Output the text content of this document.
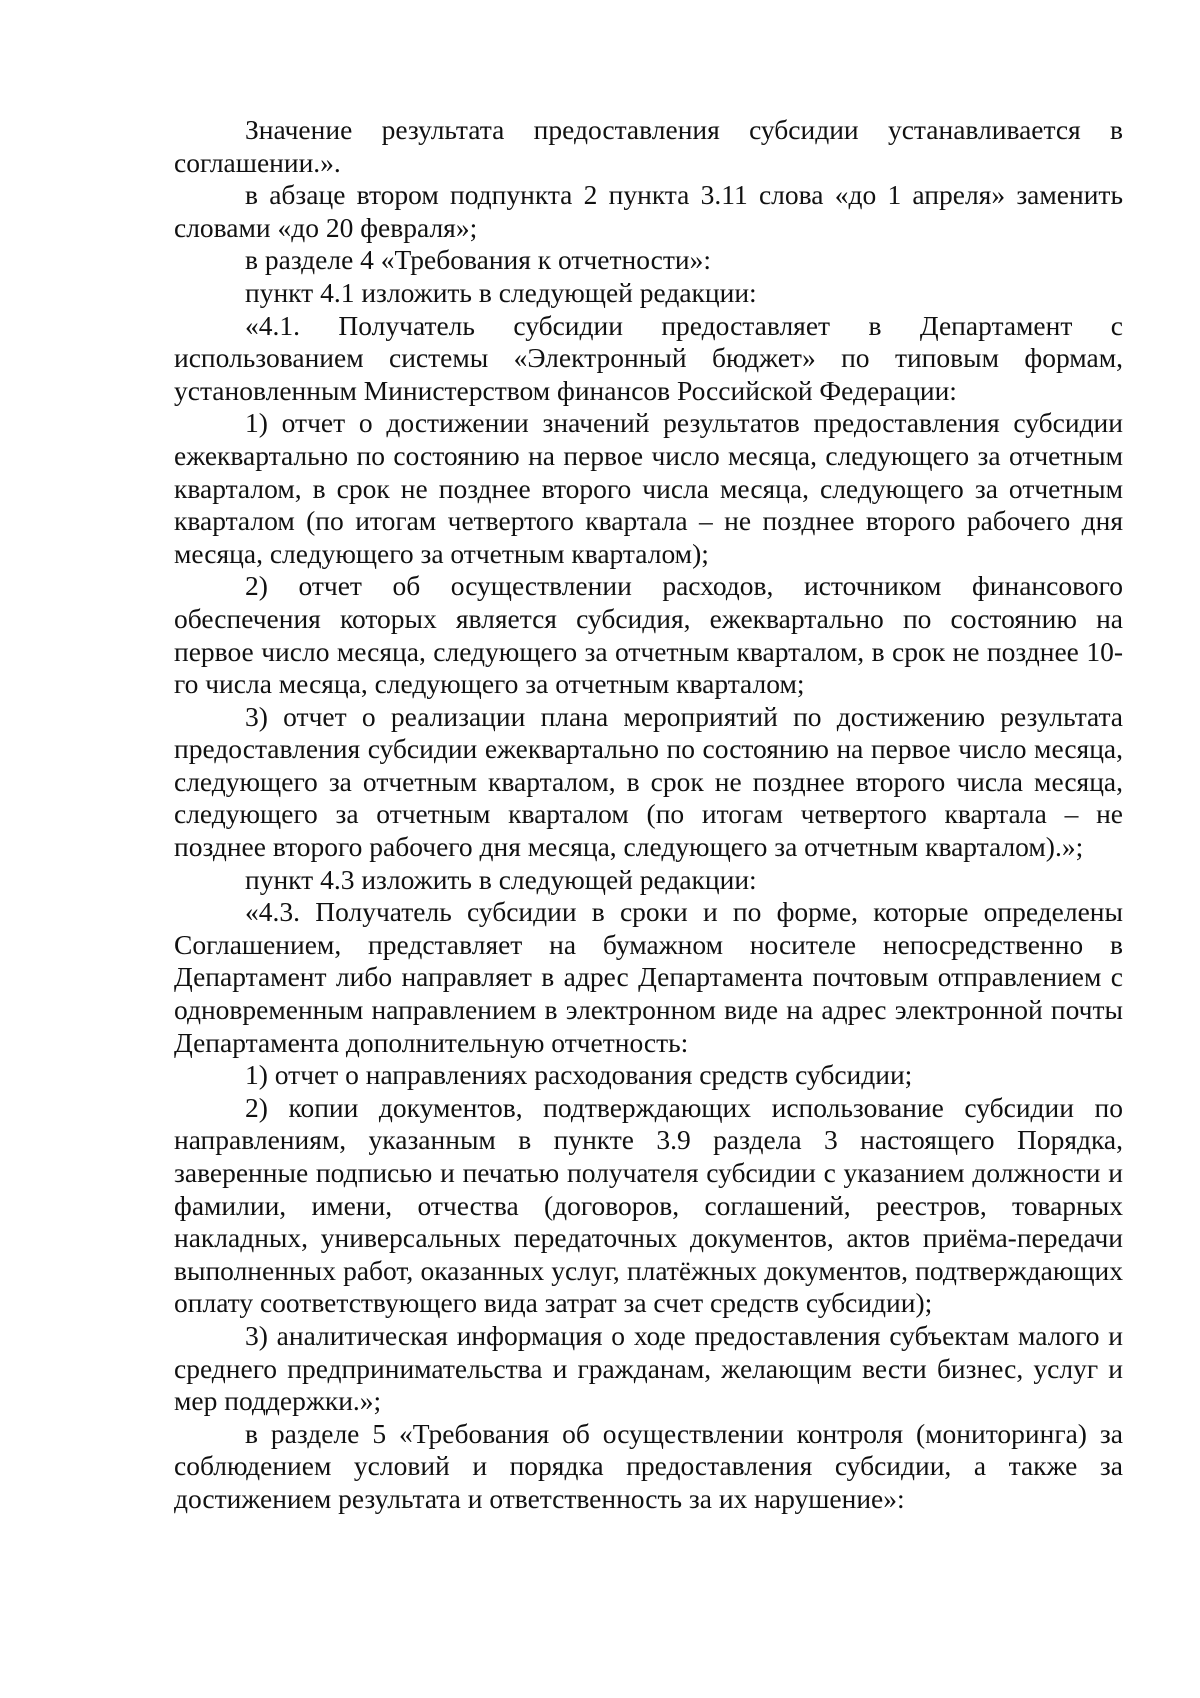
Значение результата предоставления субсидии устанавливается в соглашении.».

в абзаце втором подпункта 2 пункта 3.11 слова «до 1 апреля» заменить словами «до 20 февраля»;

в разделе 4 «Требования к отчетности»:

пункт 4.1 изложить в следующей редакции:

«4.1. Получатель субсидии предоставляет в Департамент с использованием системы «Электронный бюджет» по типовым формам, установленным Министерством финансов Российской Федерации:

1) отчет о достижении значений результатов предоставления субсидии ежеквартально по состоянию на первое число месяца, следующего за отчетным кварталом, в срок не позднее второго числа месяца, следующего за отчетным кварталом (по итогам четвертого квартала – не позднее второго рабочего дня месяца, следующего за отчетным кварталом);

2) отчет об осуществлении расходов, источником финансового обеспечения которых является субсидия, ежеквартально по состоянию на первое число месяца, следующего за отчетным кварталом, в срок не позднее 10-го числа месяца, следующего за отчетным кварталом;

3) отчет о реализации плана мероприятий по достижению результата предоставления субсидии ежеквартально по состоянию на первое число месяца, следующего за отчетным кварталом, в срок не позднее второго числа месяца, следующего за отчетным кварталом (по итогам четвертого квартала – не позднее второго рабочего дня месяца, следующего за отчетным кварталом).»;

пункт 4.3 изложить в следующей редакции:

«4.3. Получатель субсидии в сроки и по форме, которые определены Соглашением, представляет на бумажном носителе непосредственно в Департамент либо направляет в адрес Департамента почтовым отправлением с одновременным направлением в электронном виде на адрес электронной почты Департамента дополнительную отчетность:

1) отчет о направлениях расходования средств субсидии;

2) копии документов, подтверждающих использование субсидии по направлениям, указанным в пункте 3.9 раздела 3 настоящего Порядка, заверенные подписью и печатью получателя субсидии с указанием должности и фамилии, имени, отчества (договоров, соглашений, реестров, товарных накладных, универсальных передаточных документов, актов приёма-передачи выполненных работ, оказанных услуг, платёжных документов, подтверждающих оплату соответствующего вида затрат за счет средств субсидии);

3) аналитическая информация о ходе предоставления субъектам малого и среднего предпринимательства и гражданам, желающим вести бизнес, услуг и мер поддержки.»;

в разделе 5 «Требования об осуществлении контроля (мониторинга) за соблюдением условий и порядка предоставления субсидии, а также за достижением результата и ответственность за их нарушение»:
